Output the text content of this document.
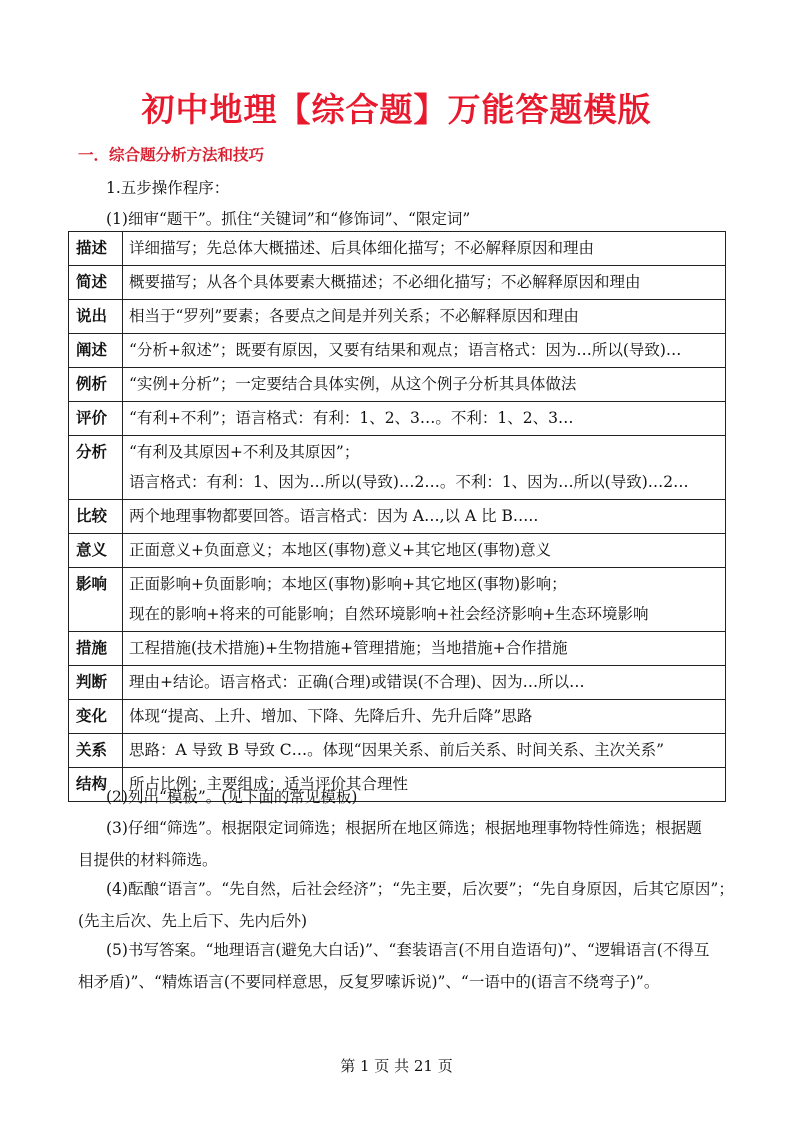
初中地理【综合题】万能答题模版
一．综合题分析方法和技巧
1.五步操作程序：
(1)细审“题干”。抓住“关键词”和“修饰词”、“限定词”
描述	详细描写；先总体大概描述、后具体细化描写；不必解释原因和理由

简述	概要描写；从各个具体要素大概描述；不必细化描写；不必解释原因和理由

说出	相当于“罗列”要素；各要点之间是并列关系；不必解释原因和理由

阐述	“分析+叙述”；既要有原因，又要有结果和观点；语言格式：因为…所以(导致)…

例析	“实例+分析”；一定要结合具体实例，从这个例子分析其具体做法

评价	“有利+不利”；语言格式：有利：1、2、3…。不利：1、2、3…

分析	“有利及其原因+不利及其原因”；
语言格式：有利：1、因为…所以(导致)…2…。不利：1、因为…所以(导致)…2…

比较	两个地理事物都要回答。语言格式：因为 A…,以 A 比 B…..

意义	正面意义+负面意义；本地区(事物)意义+其它地区(事物)意义

影响	正面影响+负面影响；本地区(事物)影响+其它地区(事物)影响；
现在的影响+将来的可能影响；自然环境影响+社会经济影响+生态环境影响

措施	工程措施(技术措施)+生物措施+管理措施；当地措施+合作措施

判断	理由+结论。语言格式：正确(合理)或错误(不合理)、因为…所以…

变化	体现“提高、上升、增加、下降、先降后升、先升后降”思路

关系	思路：A 导致 B 导致 C…。体现“因果关系、前后关系、时间关系、主次关系”

结构	所占比例；主要组成；适当评价其合理性
(2)列出“模板”。(见下面的常见模板)
(3)仔细“筛选”。根据限定词筛选；根据所在地区筛选；根据地理事物特性筛选；根据题
目提供的材料筛选。
(4)酝酿“语言”。“先自然，后社会经济”；“先主要，后次要”；“先自身原因，后其它原因”；
(先主后次、先上后下、先内后外)
(5)书写答案。“地理语言(避免大白话)”、“套装语言(不用自造语句)”、“逻辑语言(不得互
相矛盾)”、“精炼语言(不要同样意思，反复罗嗦诉说)”、“一语中的(语言不绕弯子)”。
第 1 页 共 21 页
